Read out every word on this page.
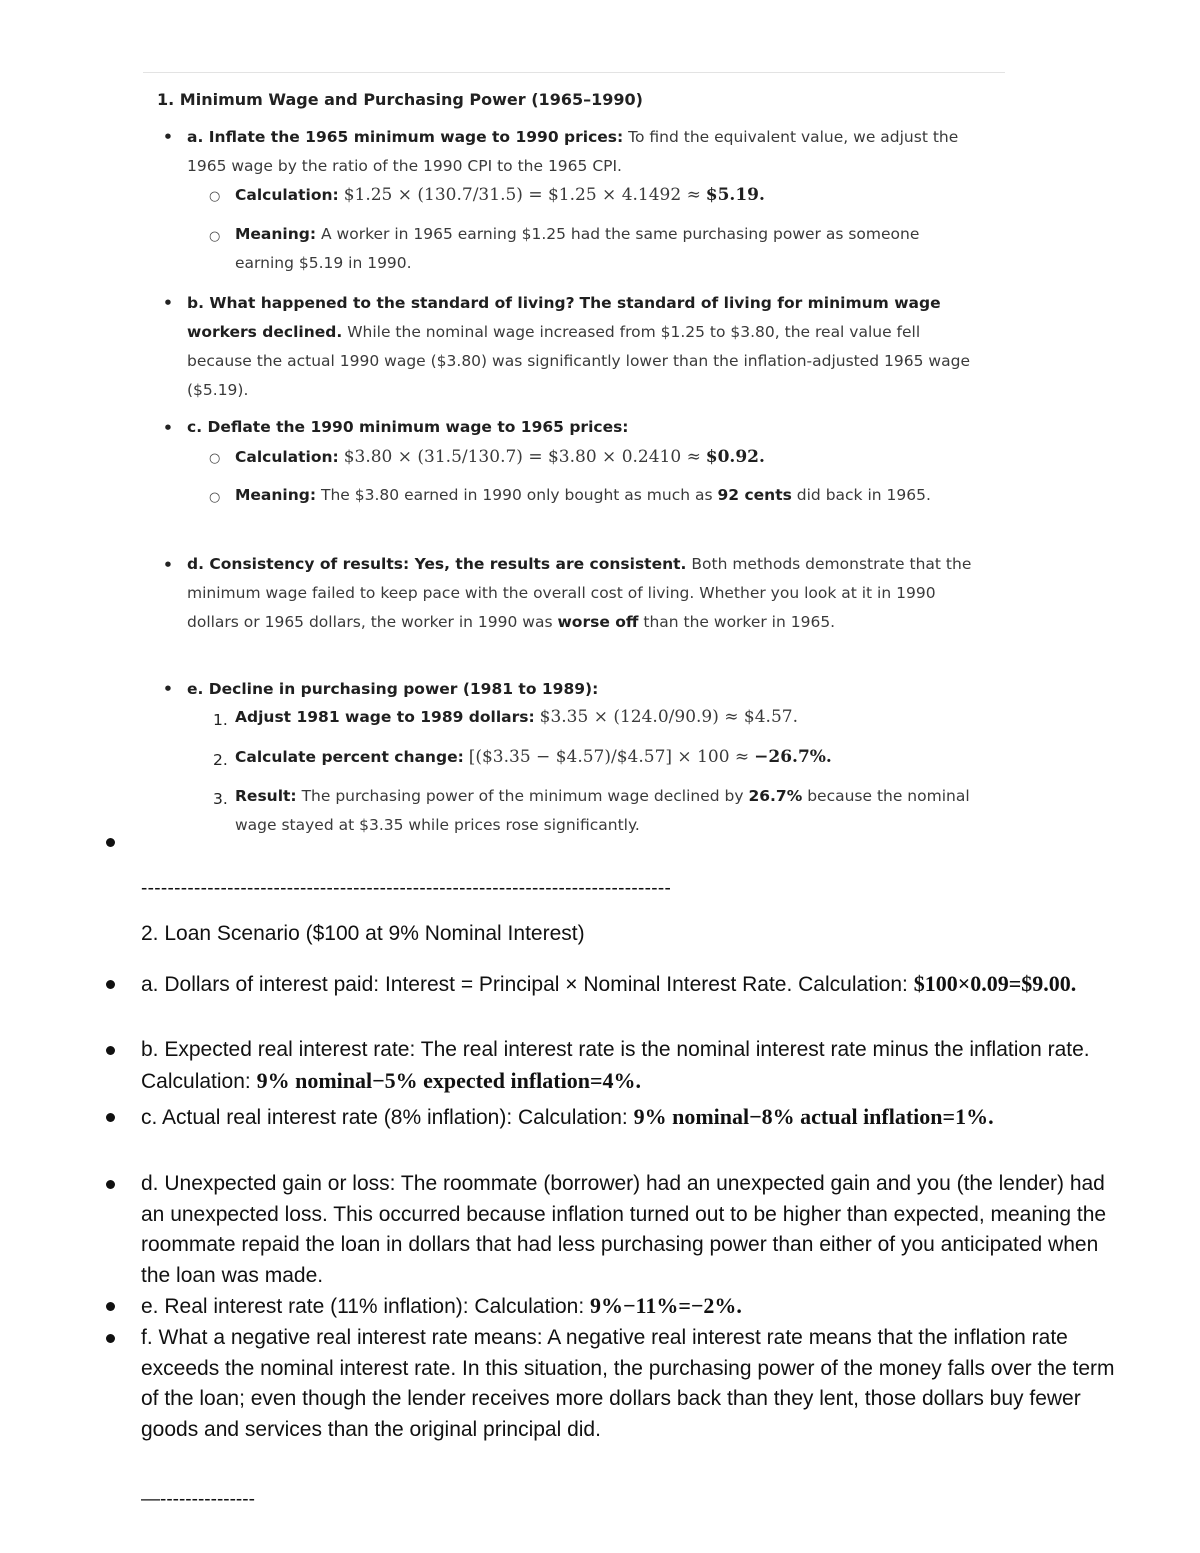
1. Minimum Wage and Purchasing Power (1965–1990)
• a. Inflate the 1965 minimum wage to 1990 prices: To find the equivalent value, we adjust the 1965 wage by the ratio of the 1990 CPI to the 1965 CPI.
○ Calculation: $1.25 × (130.7/31.5) = $1.25 × 4.1492 ≈ $5.19.
○ Meaning: A worker in 1965 earning $1.25 had the same purchasing power as someone earning $5.19 in 1990.
• b. What happened to the standard of living? The standard of living for minimum wage workers declined. While the nominal wage increased from $1.25 to $3.80, the real value fell because the actual 1990 wage ($3.80) was significantly lower than the inflation-adjusted 1965 wage ($5.19).
• c. Deflate the 1990 minimum wage to 1965 prices:
○ Calculation: $3.80 × (31.5/130.7) = $3.80 × 0.2410 ≈ $0.92.
○ Meaning: The $3.80 earned in 1990 only bought as much as 92 cents did back in 1965.
• d. Consistency of results: Yes, the results are consistent. Both methods demonstrate that the minimum wage failed to keep pace with the overall cost of living. Whether you look at it in 1990 dollars or 1965 dollars, the worker in 1990 was worse off than the worker in 1965.
• e. Decline in purchasing power (1981 to 1989):
1. Adjust 1981 wage to 1989 dollars: $3.35 × (124.0/90.9) ≈ $4.57.
2. Calculate percent change: [($3.35 − $4.57)/$4.57] × 100 ≈ −26.7%.
3. Result: The purchasing power of the minimum wage declined by 26.7% because the nominal wage stayed at $3.35 while prices rose significantly.
--------------------------------------------------------------------------------
2. Loan Scenario ($100 at 9% Nominal Interest)
a. Dollars of interest paid: Interest = Principal × Nominal Interest Rate. Calculation: $100×0.09=$9.00.
b. Expected real interest rate: The real interest rate is the nominal interest rate minus the inflation rate. Calculation: 9% nominal−5% expected inflation=4%.
c. Actual real interest rate (8% inflation): Calculation: 9% nominal−8% actual inflation=1%.
d. Unexpected gain or loss: The roommate (borrower) had an unexpected gain and you (the lender) had an unexpected loss. This occurred because inflation turned out to be higher than expected, meaning the roommate repaid the loan in dollars that had less purchasing power than either of you anticipated when the loan was made.
e. Real interest rate (11% inflation): Calculation: 9%−11%=−2%.
f. What a negative real interest rate means: A negative real interest rate means that the inflation rate exceeds the nominal interest rate. In this situation, the purchasing power of the money falls over the term of the loan; even though the lender receives more dollars back than they lent, those dollars buy fewer goods and services than the original principal did.
—---------------
